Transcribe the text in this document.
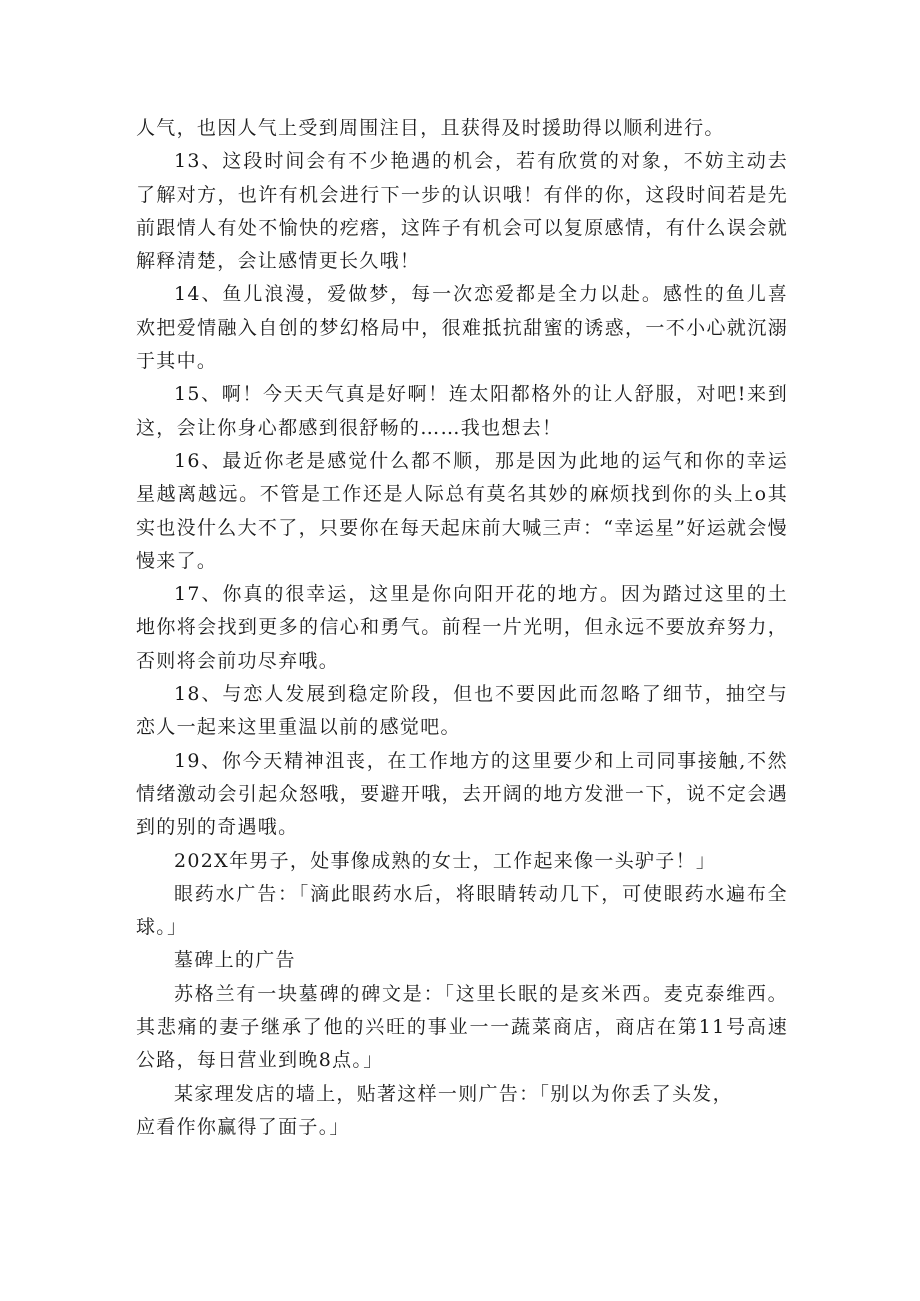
人气，也因人气上受到周围注目，且获得及时援助得以顺利进行。

13、这段时间会有不少艳遇的机会，若有欣赏的对象，不妨主动去了解对方，也许有机会进行下一步的认识哦！有伴的你，这段时间若是先前跟情人有处不愉快的疙瘩，这阵子有机会可以复原感情，有什么误会就解释清楚，会让感情更长久哦！

14、鱼儿浪漫，爱做梦，每一次恋爱都是全力以赴。感性的鱼儿喜欢把爱情融入自创的梦幻格局中，很难抵抗甜蜜的诱惑，一不小心就沉溺于其中。

15、啊！今天天气真是好啊！连太阳都格外的让人舒服，对吧!来到这，会让你身心都感到很舒畅的……我也想去！

16、最近你老是感觉什么都不顺，那是因为此地的运气和你的幸运星越离越远。不管是工作还是人际总有莫名其妙的麻烦找到你的头上o其实也没什么大不了，只要你在每天起床前大喊三声：“幸运星”好运就会慢慢来了。

17、你真的很幸运，这里是你向阳开花的地方。因为踏过这里的土地你将会找到更多的信心和勇气。前程一片光明，但永远不要放弃努力，否则将会前功尽弃哦。

18、与恋人发展到稳定阶段，但也不要因此而忽略了细节，抽空与恋人一起来这里重温以前的感觉吧。

19、你今天精神沮丧，在工作地方的这里要少和上司同事接触,不然情绪激动会引起众怒哦，要避开哦，去开阔的地方发泄一下，说不定会遇到的别的奇遇哦。

202X年男子，处事像成熟的女士，工作起来像一头驴子！」

眼药水广告：「滴此眼药水后，将眼睛转动几下，可使眼药水遍布全球。」

墓碑上的广告

苏格兰有一块墓碑的碑文是：「这里长眠的是亥米西。麦克泰维西。其悲痛的妻子继承了他的兴旺的事业一一蔬菜商店，商店在第11号高速公路，每日营业到晚8点。」

某家理发店的墙上，贴著这样一则广告：「别以为你丢了头发，

应看作你赢得了面子。」
